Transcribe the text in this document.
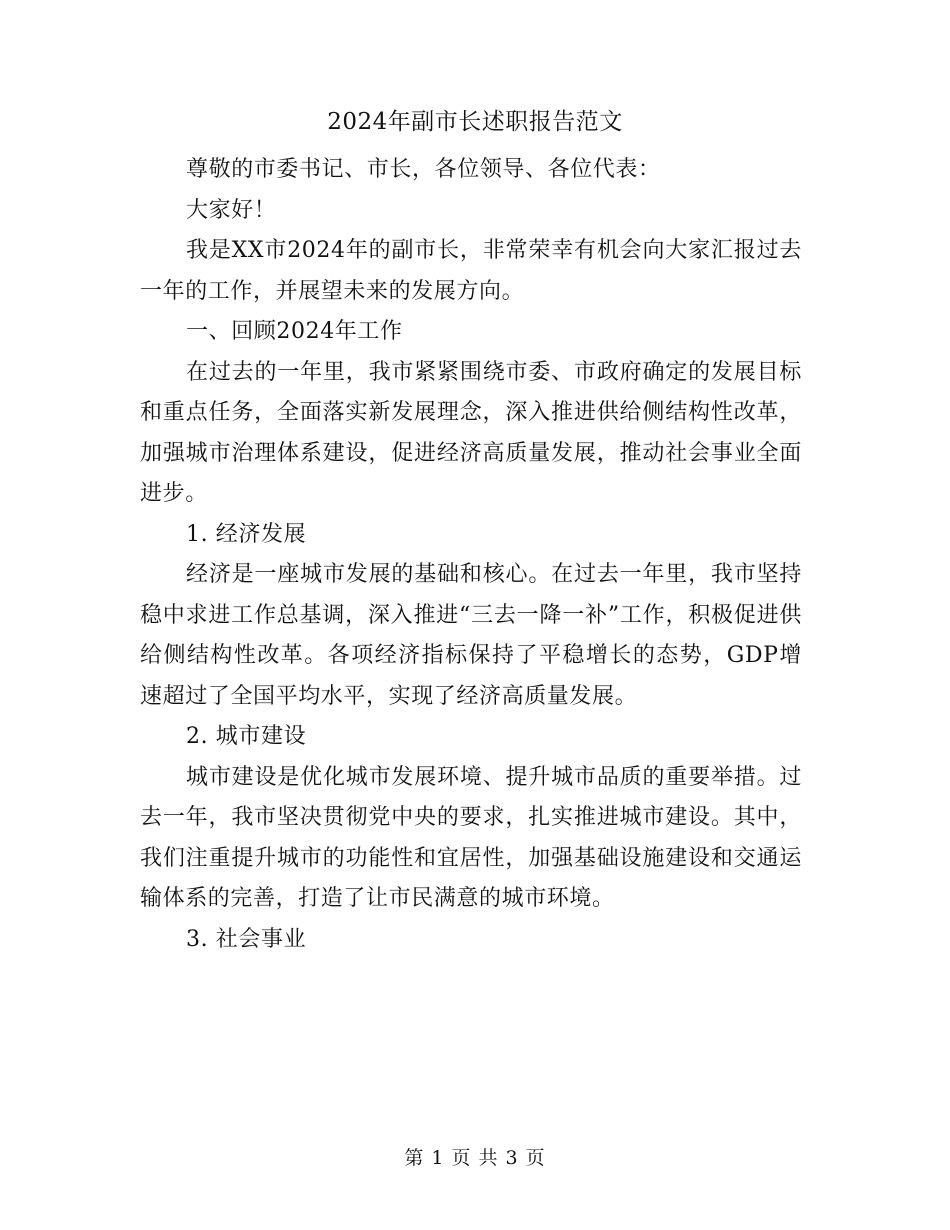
2024年副市长述职报告范文

尊敬的市委书记、市长，各位领导、各位代表：

大家好！

我是XX市2024年的副市长，非常荣幸有机会向大家汇报过去一年的工作，并展望未来的发展方向。

一、回顾2024年工作

在过去的一年里，我市紧紧围绕市委、市政府确定的发展目标和重点任务，全面落实新发展理念，深入推进供给侧结构性改革，加强城市治理体系建设，促进经济高质量发展，推动社会事业全面进步。

1. 经济发展

经济是一座城市发展的基础和核心。在过去一年里，我市坚持稳中求进工作总基调，深入推进“三去一降一补”工作，积极促进供给侧结构性改革。各项经济指标保持了平稳增长的态势，GDP增速超过了全国平均水平，实现了经济高质量发展。

2. 城市建设

城市建设是优化城市发展环境、提升城市品质的重要举措。过去一年，我市坚决贯彻党中央的要求，扎实推进城市建设。其中，我们注重提升城市的功能性和宜居性，加强基础设施建设和交通运输体系的完善，打造了让市民满意的城市环境。

3. 社会事业

第 1 页 共 3 页
